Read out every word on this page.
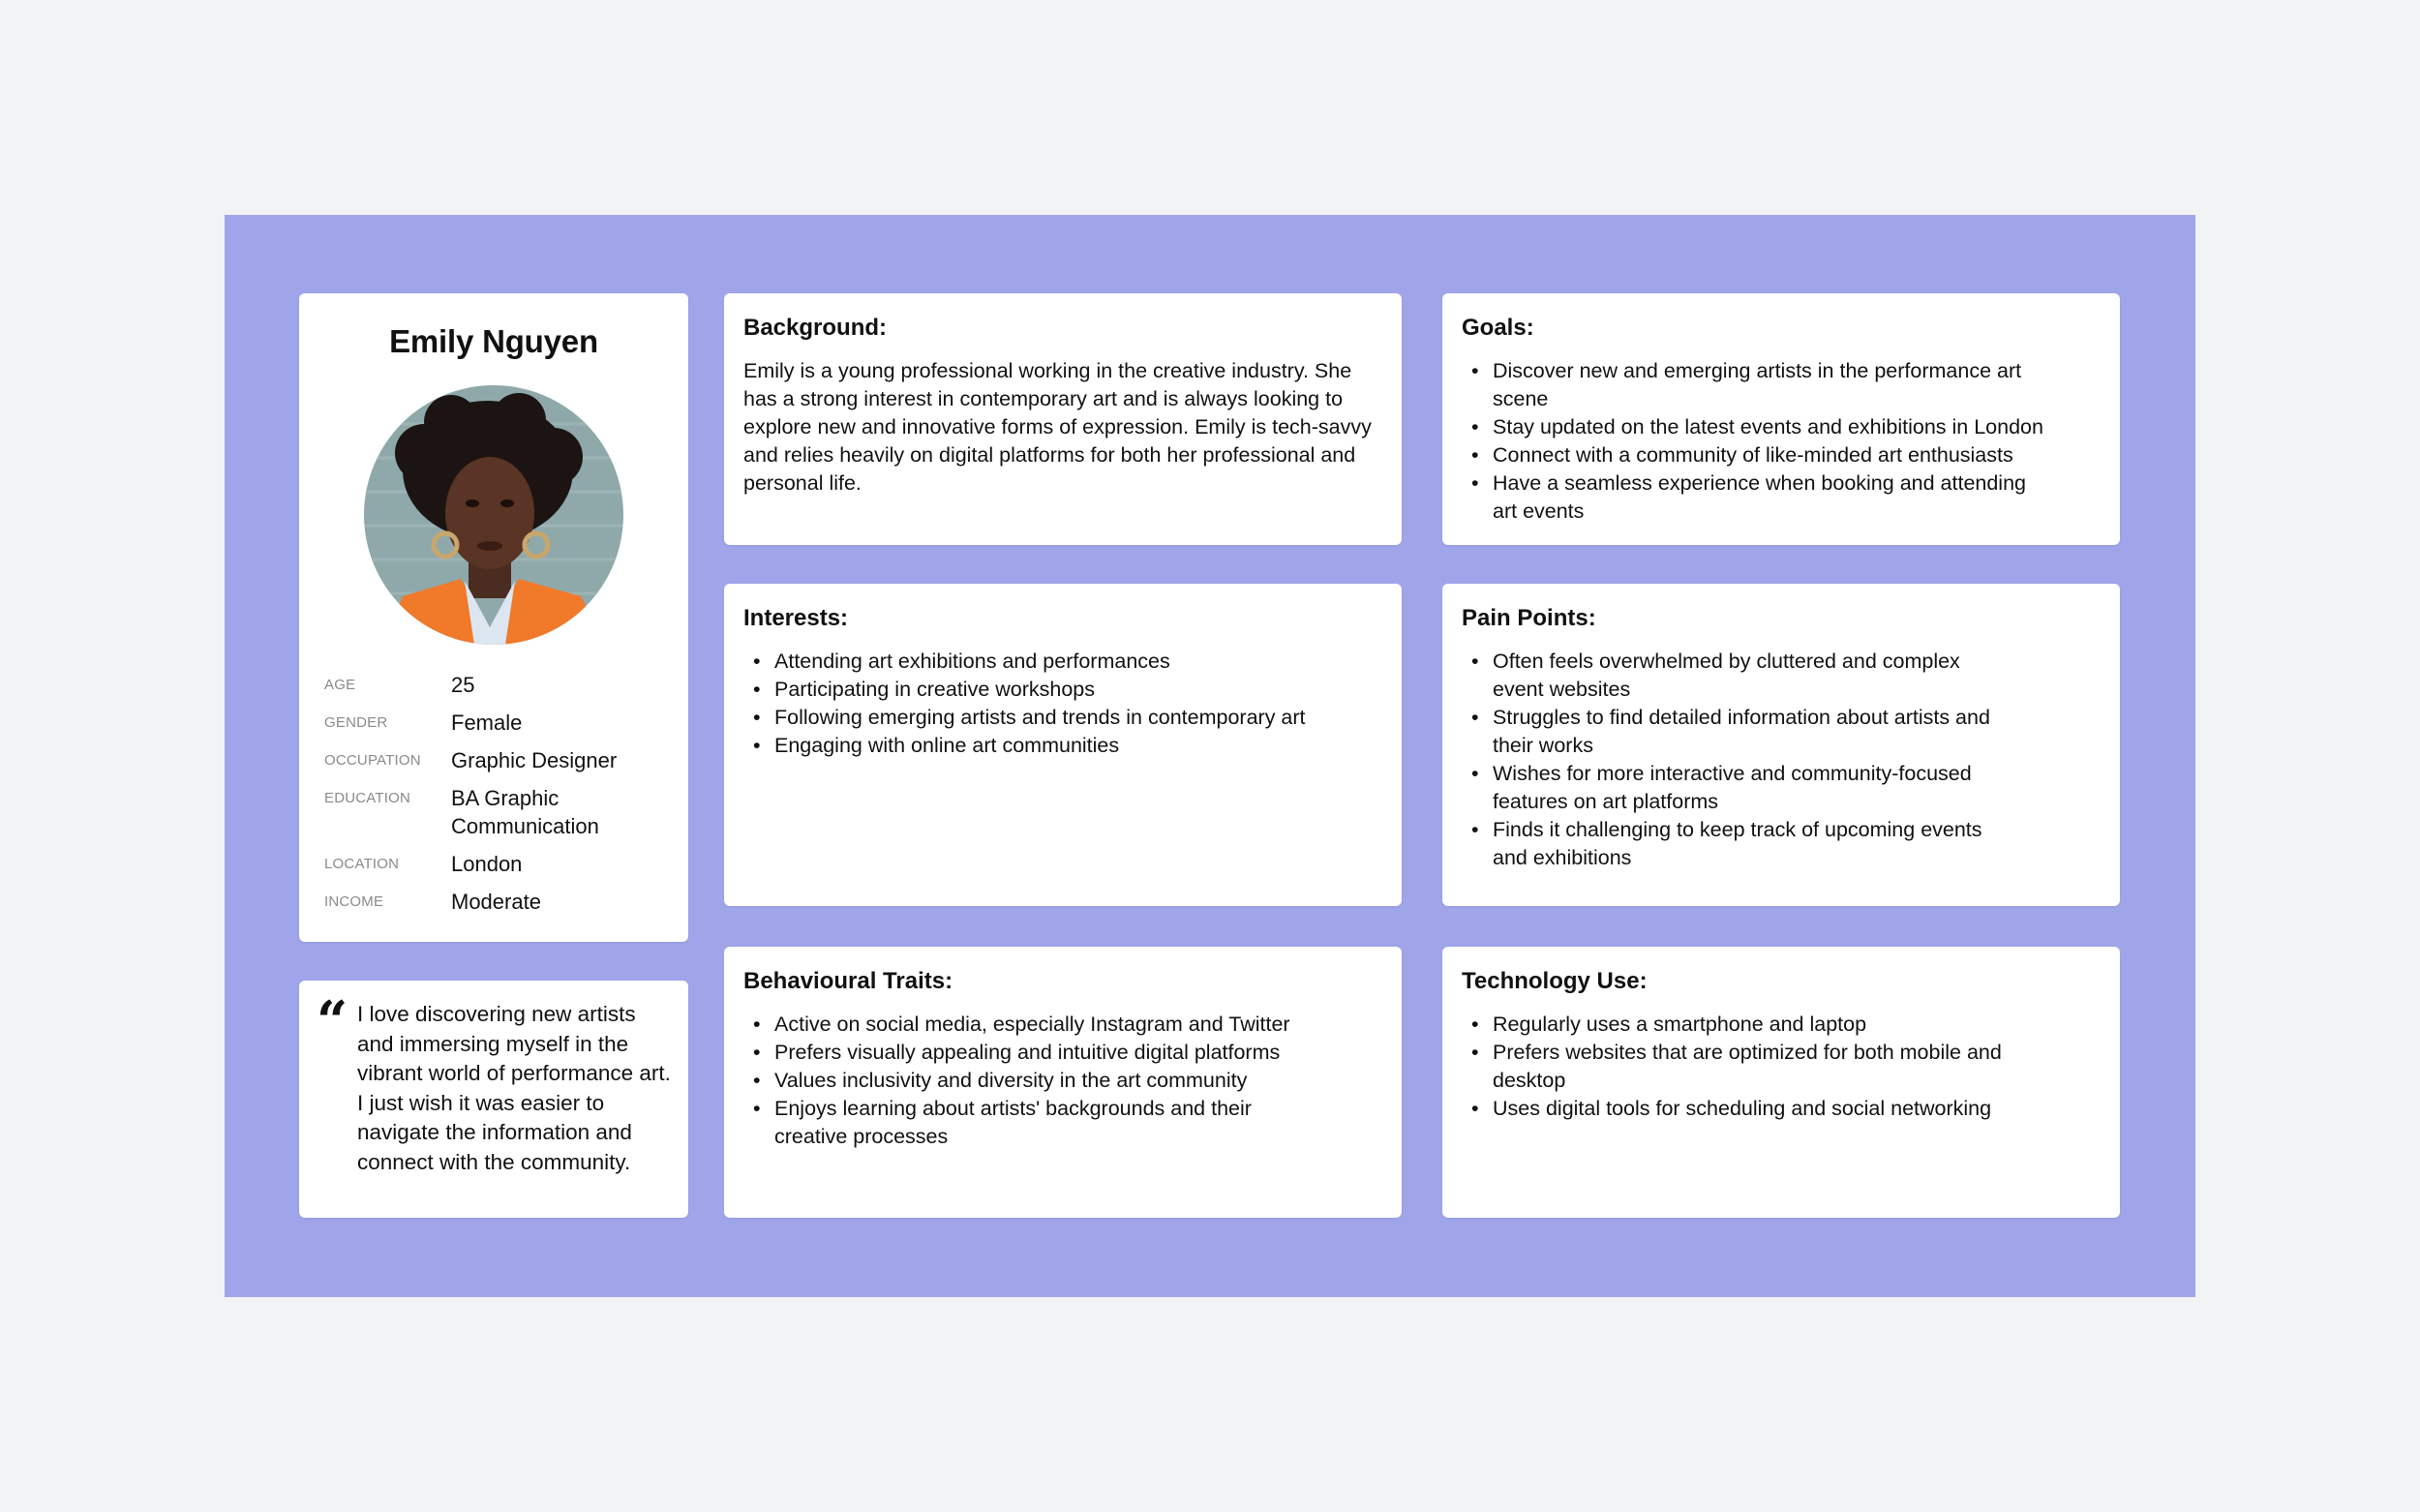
Emily Nguyen
AGE	25
GENDER	Female
OCCUPATION	Graphic Designer
EDUCATION	BA Graphic Communication
LOCATION	London
INCOME	Moderate
“ I love discovering new artists and immersing myself in the vibrant world of performance art. I just wish it was easier to navigate the information and connect with the community.
Background:

Emily is a young professional working in the creative industry. She has a strong interest in contemporary art and is always looking to explore new and innovative forms of expression. Emily is tech-savvy and relies heavily on digital platforms for both her professional and personal life.

Goals:
• Discover new and emerging artists in the performance art scene
• Stay updated on the latest events and exhibitions in London
• Connect with a community of like-minded art enthusiasts
• Have a seamless experience when booking and attending art events
Interests:
• Attending art exhibitions and performances
• Participating in creative workshops
• Following emerging artists and trends in contemporary art
• Engaging with online art communities
Pain Points:
• Often feels overwhelmed by cluttered and complex event websites
• Struggles to find detailed information about artists and their works
• Wishes for more interactive and community-focused features on art platforms
• Finds it challenging to keep track of upcoming events and exhibitions
Behavioural Traits:
• Active on social media, especially Instagram and Twitter
• Prefers visually appealing and intuitive digital platforms
• Values inclusivity and diversity in the art community
• Enjoys learning about artists' backgrounds and their creative processes
Technology Use:
• Regularly uses a smartphone and laptop
• Prefers websites that are optimized for both mobile and desktop
• Uses digital tools for scheduling and social networking
